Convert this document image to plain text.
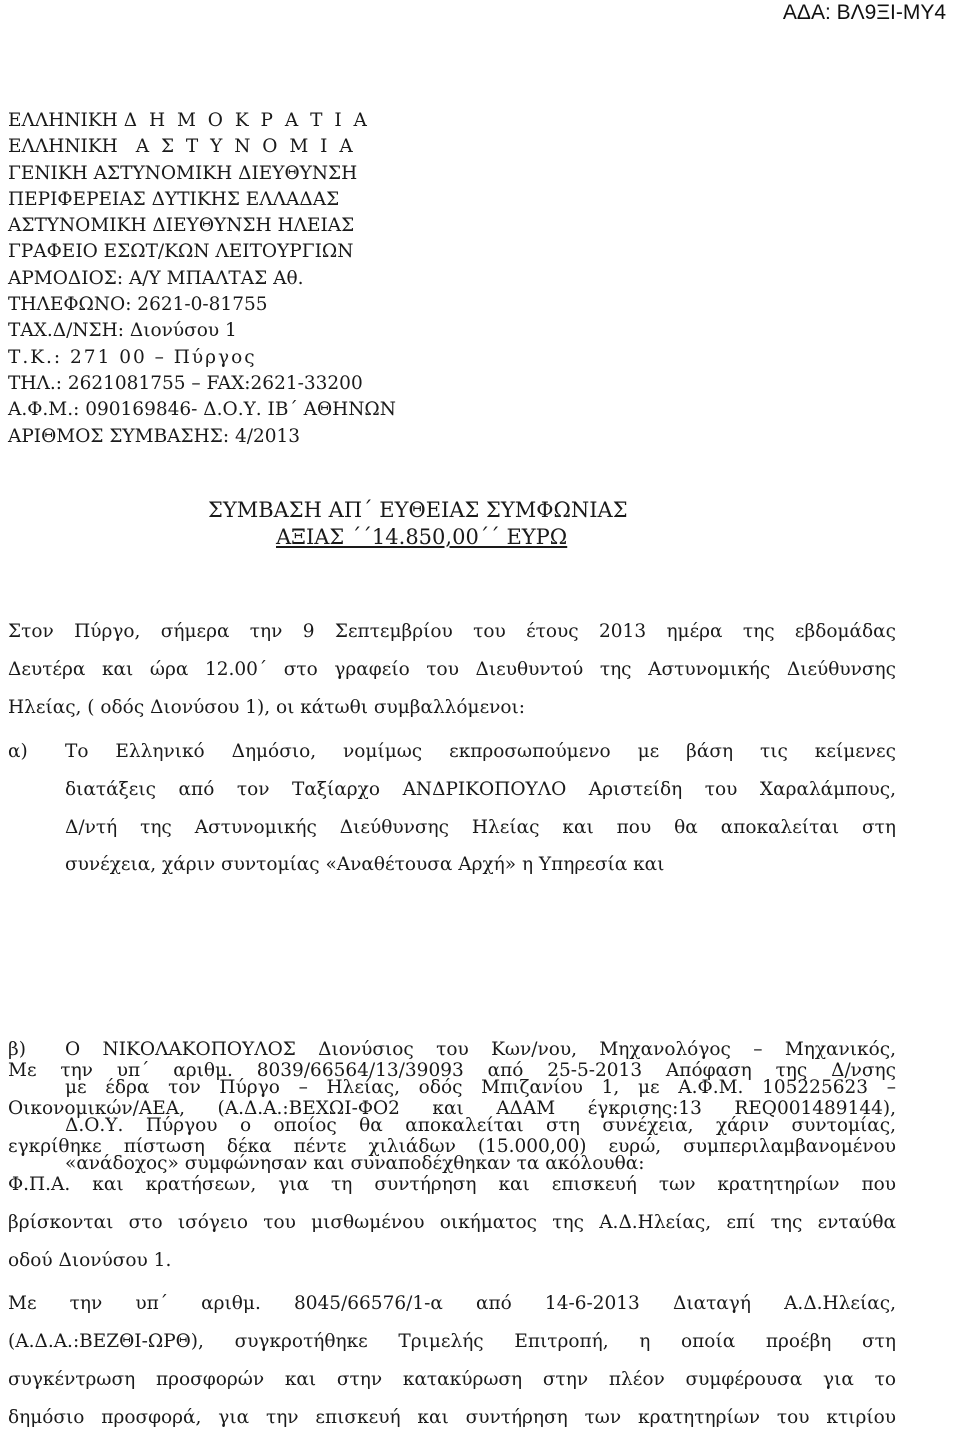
ΑΔΑ: ΒΛ9ΞΙ-ΜΥ4
ΕΛΛΗΝΙΚΗ Δ Η Μ Ο Κ Ρ Α Τ Ι Α
ΕΛΛΗΝΙΚΗ Α Σ Τ Υ Ν Ο Μ Ι Α
ΓΕΝΙΚΗ ΑΣΤΥΝΟΜΙΚΗ ΔΙΕΥΘΥΝΣΗ
ΠΕΡΙΦΕΡΕΙΑΣ ΔΥΤΙΚΗΣ ΕΛΛΑΔΑΣ
ΑΣΤΥΝΟΜΙΚΗ ΔΙΕΥΘΥΝΣΗ ΗΛΕΙΑΣ
ΓΡΑΦΕΙΟ ΕΣΩΤ/ΚΩΝ ΛΕΙΤΟΥΡΓΙΩΝ
ΑΡΜΟΔΙΟΣ: Α/Υ ΜΠΑΛΤΑΣ Αθ.
ΤΗΛΕΦΩΝΟ: 2621-0-81755
ΤΑΧ.Δ/ΝΣΗ: Διονύσου 1
Τ.Κ.: 271 00 – Πύργος
ΤΗΛ.: 2621081755 – FAX:2621-33200
Α.Φ.Μ.: 090169846- Δ.Ο.Υ. ΙΒ΄ ΑΘΗΝΩΝ
ΑΡΙΘΜΟΣ ΣΥΜΒΑΣΗΣ: 4/2013
ΣΥΜΒΑΣΗ ΑΠ΄ ΕΥΘΕΙΑΣ ΣΥΜΦΩΝΙΑΣ
ΑΞΙΑΣ ΄΄14.850,00΄΄ ΕΥΡΩ
Στον Πύργο, σήμερα την 9 Σεπτεμβρίου του έτους 2013 ημέρα της εβδομάδας
Δευτέρα και ώρα 12.00΄ στο γραφείο του Διευθυντού της Αστυνομικής Διεύθυνσης
Ηλείας, ( οδός Διονύσου 1), οι κάτωθι συμβαλλόμενοι:
α)	Το Ελληνικό Δημόσιο, νομίμως εκπροσωπούμενο με βάση τις κείμενες
διατάξεις από τον Ταξίαρχο ΑΝΔΡΙΚΟΠΟΥΛΟ Αριστείδη του Χαραλάμπους,
Δ/ντή της Αστυνομικής Διεύθυνσης Ηλείας και που θα αποκαλείται στη
συνέχεια, χάριν συντομίας «Αναθέτουσα Αρχή» η Υπηρεσία και
β)	Ο ΝΙΚΟΛΑΚΟΠΟΥΛΟΣ Διονύσιος του Κων/νου, Μηχανολόγος – Μηχανικός,
με έδρα τον Πύργο – Ηλείας, οδός Μπιζανίου 1, με Α.Φ.Μ. 105225623 –
Δ.Ο.Υ. Πύργου ο οποίος θα αποκαλείται στη συνέχεια, χάριν συντομίας,
«ανάδοχος» συμφώνησαν και συναποδέχθηκαν τα ακόλουθα:
Με την υπ΄ αριθμ. 8039/66564/13/39093 από 25-5-2013 Απόφαση της Δ/νσης
Οικονομικών/ΑΕΑ, (Α.Δ.Α.:ΒΕΧΩΙ-ΦΟ2 και ΑΔΑΜ έγκρισης:13 REQ001489144),
εγκρίθηκε πίστωση δέκα πέντε χιλιάδων (15.000,00) ευρώ, συμπεριλαμβανομένου
Φ.Π.Α. και κρατήσεων, για τη συντήρηση και επισκευή των κρατητηρίων που
βρίσκονται στο ισόγειο του μισθωμένου οικήματος της Α.Δ.Ηλείας, επί της ενταύθα
οδού Διονύσου 1.
Με την υπ΄ αριθμ. 8045/66576/1-α από 14-6-2013 Διαταγή Α.Δ.Ηλείας,
(Α.Δ.Α.:ΒΕΖΘΙ-ΩΡΘ), συγκροτήθηκε Τριμελής Επιτροπή, η οποία προέβη στη
συγκέντρωση προσφορών και στην κατακύρωση στην πλέον συμφέρουσα για το
δημόσιο προσφορά, για την επισκευή και συντήρηση των κρατητηρίων του κτιρίου
